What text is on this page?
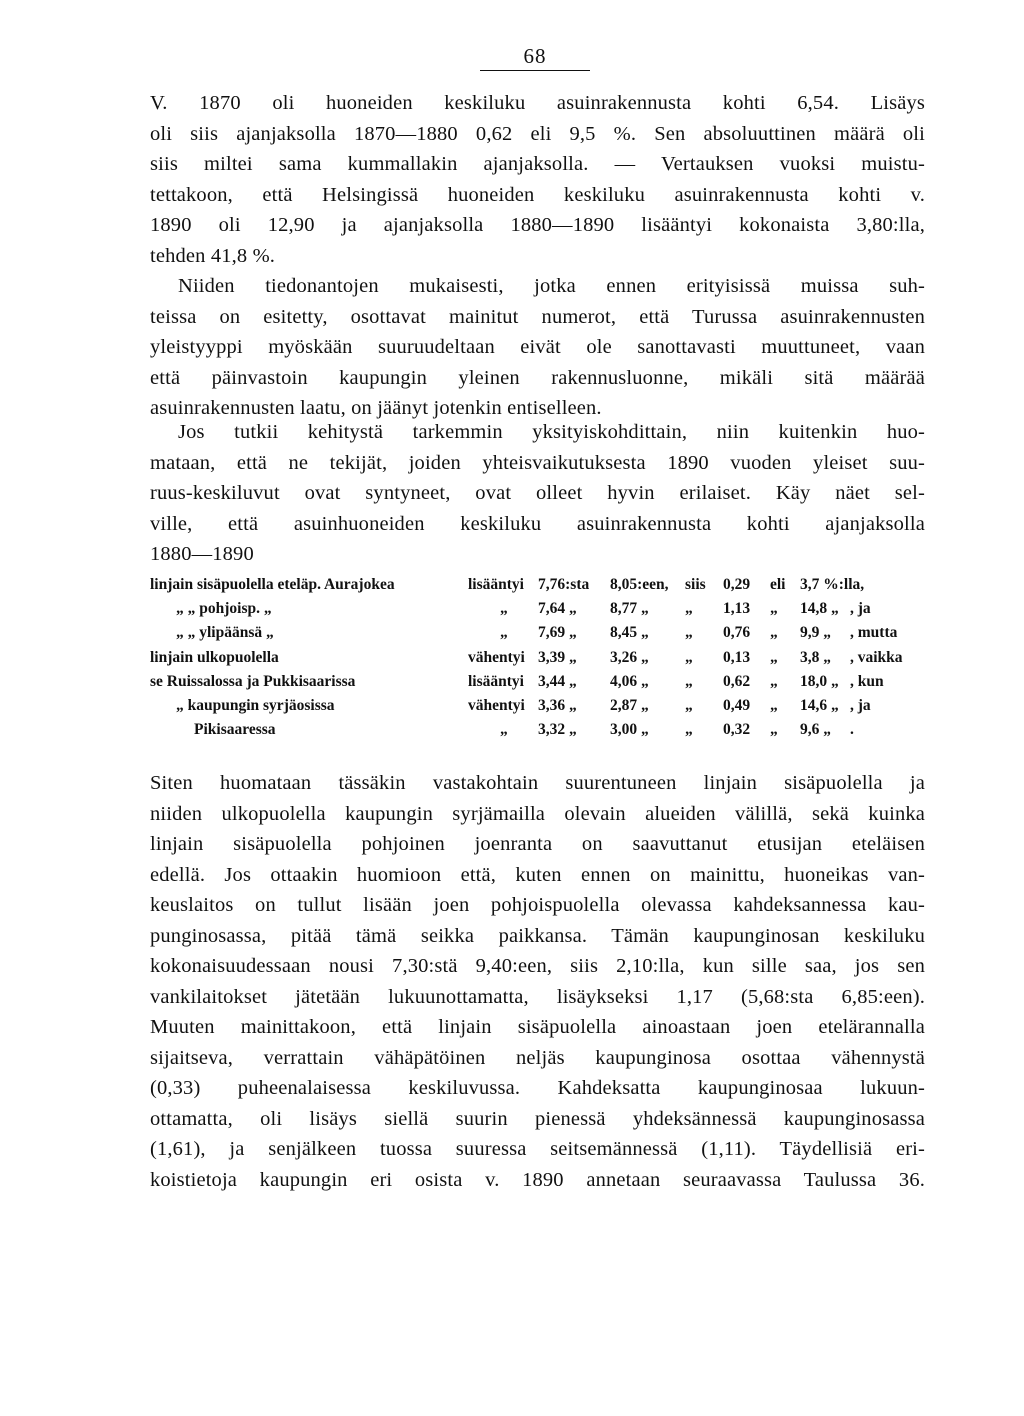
68
V. 1870 oli huoneiden keskiluku asuinrakennusta kohti 6,54. Lisäys
oli siis ajanjaksolla 1870—1880 0,62 eli 9,5 %. Sen absoluuttinen määrä oli
siis miltei sama kummallakin ajanjaksolla. — Vertauksen vuoksi muistu-
tettakoon, että Helsingissä huoneiden keskiluku asuinrakennusta kohti v.
1890 oli 12,90 ja ajanjaksolla 1880—1890 lisääntyi kokonaista 3,80:lla,
tehden 41,8 %.
Niiden tiedonantojen mukaisesti, jotka ennen erityisissä muissa suh-
teissa on esitetty, osottavat mainitut numerot, että Turussa asuinrakennusten
yleistyyppi myöskään suuruudeltaan eivät ole sanottavasti muuttuneet, vaan
että päinvastoin kaupungin yleinen rakennusluonne, mikäli sitä määrää
asuinrakennusten laatu, on jäänyt jotenkin entiselleen.
Jos tutkii kehitystä tarkemmin yksityiskohdittain, niin kuitenkin huo-
mataan, että ne tekijät, joiden yhteisvaikutuksesta 1890 vuoden yleiset suu-
ruus-keskiluvut ovat syntyneet, ovat olleet hyvin erilaiset. Käy näet sel-
ville, että asuinhuoneiden keskiluku asuinrakennusta kohti ajanjaksolla
1880—1890
linjain sisäpuolella eteläp. Aurajokea	lisääntyi 7,76:sta 8,05:een, siis 0,29 eli 3,7 %:lla,
„ „ pohjoisp. „	„ 7,64 „ 8,77 „ „ 1,13 „ 14,8 „ , ja
„ „ ylipäänsä „	„ 7,69 „ 8,45 „ „ 0,76 „ 9,9 „ , mutta
linjain ulkopuolella	vähentyi 3,39 „ 3,26 „ „ 0,13 „ 3,8 „ , vaikka
se Ruissalossa ja Pukkisaarissa	lisääntyi 3,44 „ 4,06 „ „ 0,62 „ 18,0 „ , kun
„ kaupungin syrjäosissa	vähentyi 3,36 „ 2,87 „ „ 0,49 „ 14,6 „ , ja
Pikisaaressa	„ 3,32 „ 3,00 „ „ 0,32 „ 9,6 „ .
Siten huomataan tässäkin vastakohtain suurentuneen linjain sisäpuolella ja
niiden ulkopuolella kaupungin syrjämailla olevain alueiden välillä, sekä kuinka
linjain sisäpuolella pohjoinen joenranta on saavuttanut etusijan eteläisen
edellä. Jos ottaakin huomioon että, kuten ennen on mainittu, huoneikas van-
keuslaitos on tullut lisään joen pohjoispuolella olevassa kahdeksannessa kau-
punginosassa, pitää tämä seikka paikkansa. Tämän kaupunginosan keskiluku
kokonaisuudessaan nousi 7,30:stä 9,40:een, siis 2,10:lla, kun sille saa, jos sen
vankilaitokset jätetään lukuunottamatta, lisäykseksi 1,17 (5,68:sta 6,85:een).
Muuten mainittakoon, että linjain sisäpuolella ainoastaan joen etelärannalla
sijaitseva, verrattain vähäpätöinen neljäs kaupunginosa osottaa vähennystä
(0,33) puheenalaisessa keskiluvussa. Kahdeksatta kaupunginosaa lukuun-
ottamatta, oli lisäys siellä suurin pienessä yhdeksännessä kaupunginosassa
(1,61), ja senjälkeen tuossa suuressa seitsemännessä (1,11). Täydellisiä eri-
koistietoja kaupungin eri osista v. 1890 annetaan seuraavassa Taulussa 36.
